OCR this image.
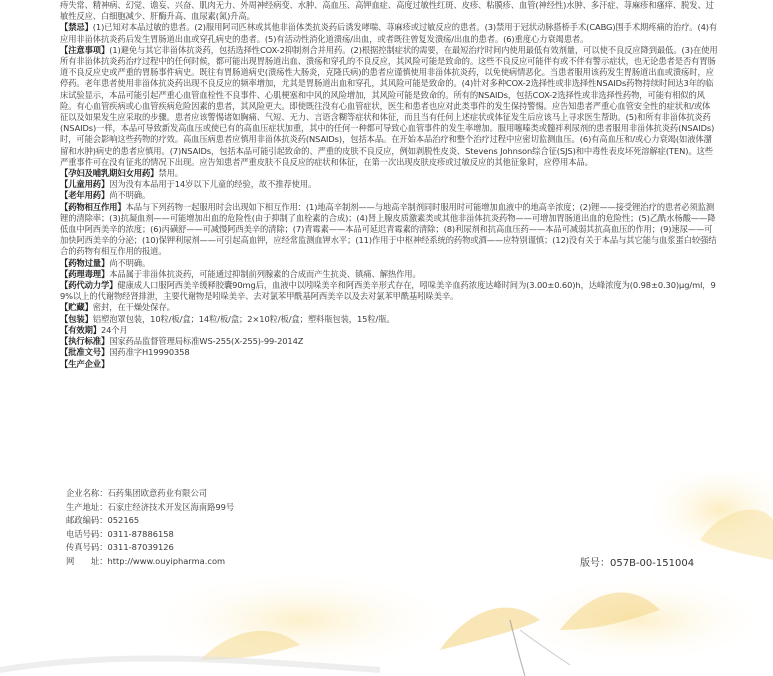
痔失常、精神病、幻觉、谵妄、兴奋、肌肉无力、外周神经病变、水肿、高血压、高钾血症、高度过敏性红斑、皮疹、粘膜疹、血管(神经性)水肿、多汗症、荨麻疹和瘙痒、脱发、过敏性反应、白细胞减少、肝酶升高、血尿素(氮)升高。

【禁忌】(1)已知对本品过敏的患者。(2)服用阿司匹林或其他非甾体类抗炎药后诱发哮喘、荨麻疹或过敏反应的患者。(3)禁用于冠状动脉搭桥手术(CABG)围手术期疼痛的治疗。(4)有应用非甾体抗炎药后发生胃肠道出血或穿孔病史的患者。(5)有活动性消化道溃疡/出血，或者既往曾复发溃疡/出血的患者。(6)重度心力衰竭患者。

【注意事项】(1)避免与其它非甾体抗炎药，包括选择性COX-2抑制剂合并用药。(2)根据控制症状的需要，在最短治疗时间内使用最低有效剂量，可以使不良反应降到最低。(3)在使用所有非甾体抗炎药治疗过程中的任何时候，都可能出现胃肠道出血、溃疡和穿孔的不良反应，其风险可能是致命的。这些不良反应可能伴有或不伴有警示症状，也无论患者是否有胃肠道不良反应史或严重的胃肠事件病史。既往有胃肠道病史(溃疡性大肠炎，克隆氏病)的患者应谨慎使用非甾体抗炎药，以免使病情恶化。当患者服用该药发生胃肠道出血或溃疡时，应停药。老年患者使用非甾体抗炎药出现不良反应的频率增加，尤其是胃肠道出血和穿孔，其风险可能是致命的。(4)针对多种COX-2选择性或非选择性NSAIDs药物持续时间达3年的临床试验显示，本品可能引起严重心血管血栓性不良事件、心肌梗塞和中风的风险增加，其风险可能是致命的。所有的NSAIDs，包括COX-2选择性或非选择性药物，可能有相似的风险。有心血管疾病或心血管疾病危险因素的患者，其风险更大。即使既往没有心血管症状，医生和患者也应对此类事件的发生保持警惕。应告知患者严重心血管安全性的症状和/或体征以及如果发生应采取的步骤。患者应该警惕诸如胸痛、气短、无力、言语含糊等症状和体征，而且当有任何上述症状或体征发生后应该马上寻求医生帮助。(5)和所有非甾体抗炎药(NSAIDs)一样，本品可导致新发高血压或使已有的高血压症状加重，其中的任何一种都可导致心血管事件的发生率增加。服用噻嗪类或髓袢利尿剂的患者服用非甾体抗炎药(NSAIDs)时，可能会影响这些药物的疗效。高血压病患者应慎用非甾体抗炎药(NSAIDs)，包括本品。在开始本品治疗和整个治疗过程中应密切监测血压。(6)有高血压和/或心力衰竭(如液体潴留和水肿)病史的患者应慎用。(7)NSAIDs，包括本品可能引起致命的、严重的皮肤不良反应，例如剥脱性皮炎、Stevens Johnson综合征(SJS)和中毒性表皮坏死溶解症(TEN)。这些严重事件可在没有征兆的情况下出现。应告知患者严重皮肤不良反应的症状和体征，在第一次出现皮肤皮疹或过敏反应的其他征象时，应停用本品。

【孕妇及哺乳期妇女用药】禁用。

【儿童用药】因为没有本品用于14岁以下儿童的经验，故不推荐使用。

【老年用药】尚不明确。

【药物相互作用】本品与下列药物一起服用时会出现如下相互作用：(1)地高辛制剂——与地高辛制剂同时服用时可能增加血液中的地高辛浓度；(2)锂——接受锂治疗的患者必须监测锂的清除率；(3)抗凝血剂——可能增加出血的危险性(由于抑制了血栓素的合成)；(4)肾上腺皮质激素类或其他非甾体抗炎药物——可增加胃肠道出血的危险性；(5)乙酰水杨酸——降低血中阿西美辛的浓度；(6)丙磺舒——可减慢阿西美辛的清除；(7)青霉素——本品可延迟青霉素的清除；(8)利尿剂和抗高血压药——本品可减弱其抗高血压的作用；(9)速尿——可加快阿西美辛的分泌；(10)保钾利尿剂——可引起高血钾，应经常监测血钾水平；(11)作用于中枢神经系统的药物或酒——应特别谨慎；(12)没有关于本品与其它能与血浆蛋白较强结合的药物有相互作用的报道。

【药物过量】尚不明确。

【药理毒理】本品属于非甾体抗炎药，可能通过抑制前列腺素的合成而产生抗炎、镇痛、解热作用。

【药代动力学】健康成人口服阿西美辛缓释胶囊90mg后，血液中以吲哚美辛和阿西美辛形式存在，吲哚美辛血药浓度达峰时间为(3.00±0.60)h，达峰浓度为(0.98±0.30)μg/ml，99%以上的代谢物经肾排泄，主要代谢物是吲哚美辛、去对氯苯甲酰基阿西美辛以及去对氯苯甲酰基吲哚美辛。

【贮藏】密封，在干燥处保存。

【包装】铝塑泡罩包装，10粒/板/盒；14粒/板/盒；2×10粒/板/盒；塑料瓶包装，15粒/瓶。

【有效期】24个月

【执行标准】国家药品监督管理局标准WS-255(X-255)-99-2014Z

【批准文号】国药准字H19990358

【生产企业】

企业名称： 石药集团欧意药业有限公司
生产地址： 石家庄经济技术开发区海南路99号
邮政编码： 052165
电话号码： 0311-87886158
传真号码： 0311-87039126
网　　址： http://www.ouyipharma.com	版号：057B-00-151004
